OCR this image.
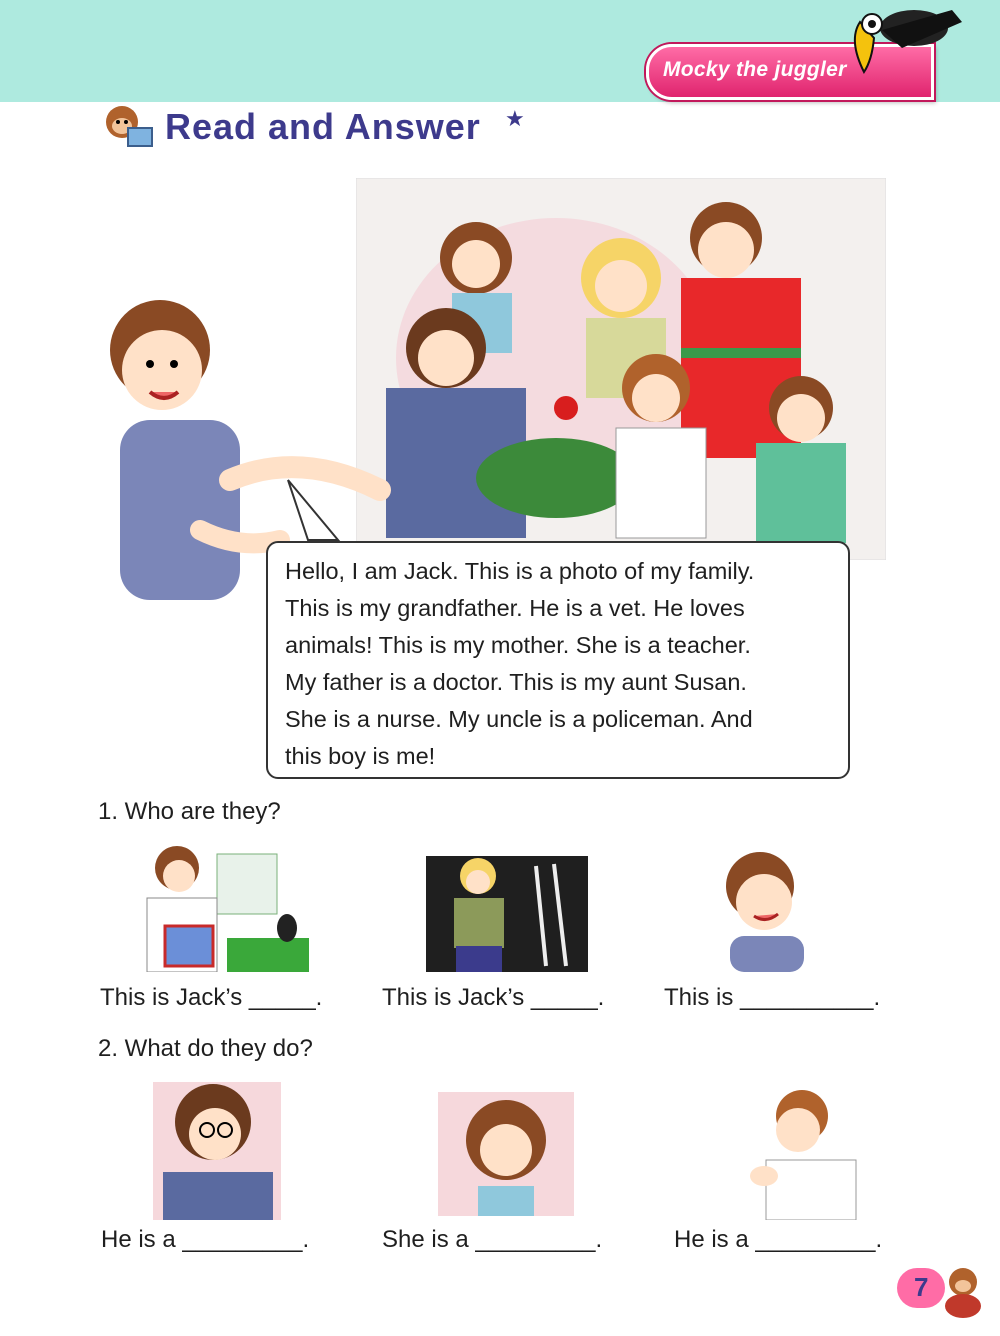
Mocky the juggler
Read and Answer ★

Hello, I am Jack. This is a photo of my family.
This is my grandfather. He is a vet. He loves
animals! This is my mother. She is a teacher.
My father is a doctor. This is my aunt Susan.
She is a nurse. My uncle is a policeman. And
this boy is me!

1. Who are they?
This is Jack’s _____. This is Jack’s _____. This is __________.
2. What do they do?
He is a _________.	She is a _________.	He is a _________.
7
